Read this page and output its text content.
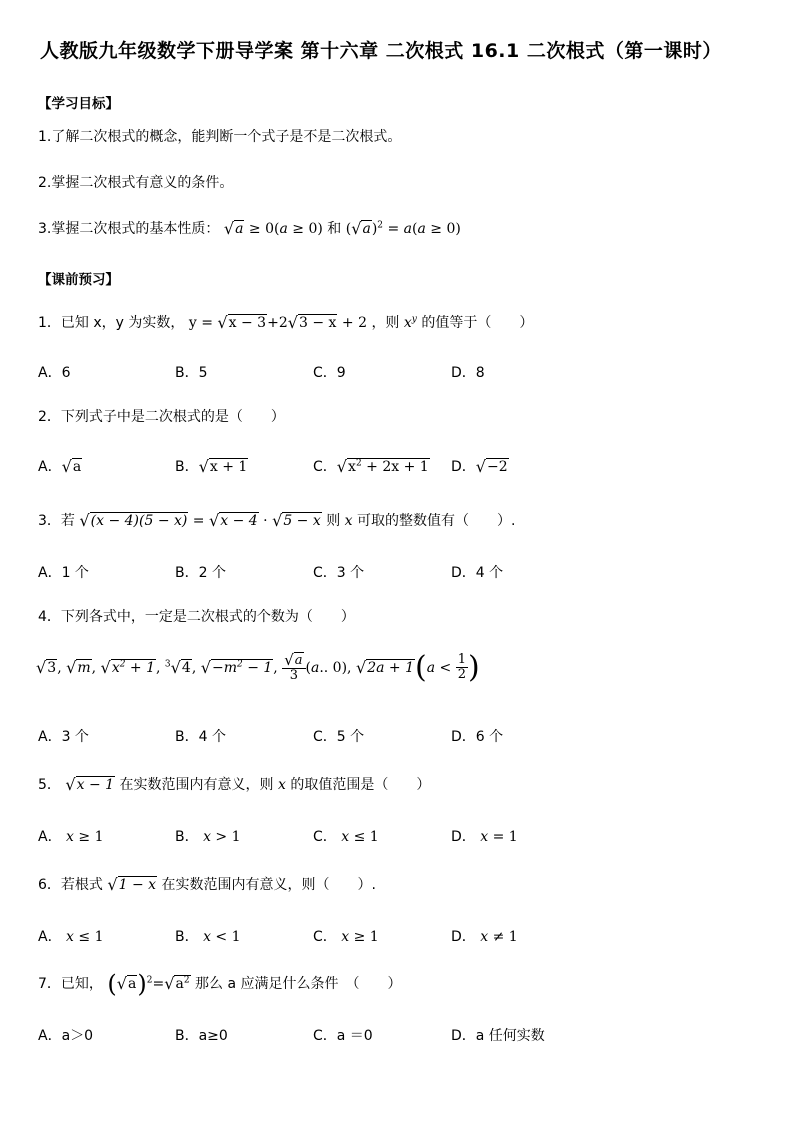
人教版九年级数学下册导学案 第十六章 二次根式 16.1 二次根式（第一课时）
【学习目标】
1.了解二次根式的概念，能判断一个式子是不是二次根式。
2.掌握二次根式有意义的条件。
3.掌握二次根式的基本性质： √a ≥ 0(a ≥ 0) 和 $(√a)^2 = a(a \ge 0)$
【课前预习】
1．已知 x，y 为实数， y = √x − 3+2√3 − x + 2 ，则 $x^y$ 的值等于（　　）
A．6	B．5	C．9	D．8
2．下列式子中是二次根式的是（　　）
A．√a	B．√x + 1	C．$√x^2 + 2x + 1$ D．√−2
3．若 √(x − 4)(5 − x) = √x − 4 · √5 − x 则 x 可取的整数值有（　　）.
A．1 个	B．2 个	C．3 个	D．4 个
4．下列各式中，一定是二次根式的个数为（　　）
√3, √m, $√x^2 + 1$, $^3$√4, $√-m^2 - 1$, $\frac{√a}{3} (a$.. 0), $√2a + 1(a < \frac{1}{2}$ )
A．3 个	B．4 个	C．5 个	D．6 个
5． √x − 1 在实数范围内有意义，则 x 的取值范围是（　　）
A． x ≥ 1	B． x > 1	C． x ≤ 1	D． x = 1
6．若根式 √1 − x 在实数范围内有意义，则（　　）.
A． x ≤ 1	B． x < 1	C． x ≥ 1	D． x ≠ 1
7．已知， $(√a)^2=√a^2$ 那么 a 应满足什么条件　（　　）
A．a＞0	B．a≥0	C．a ＝0	D．a 任何实数
